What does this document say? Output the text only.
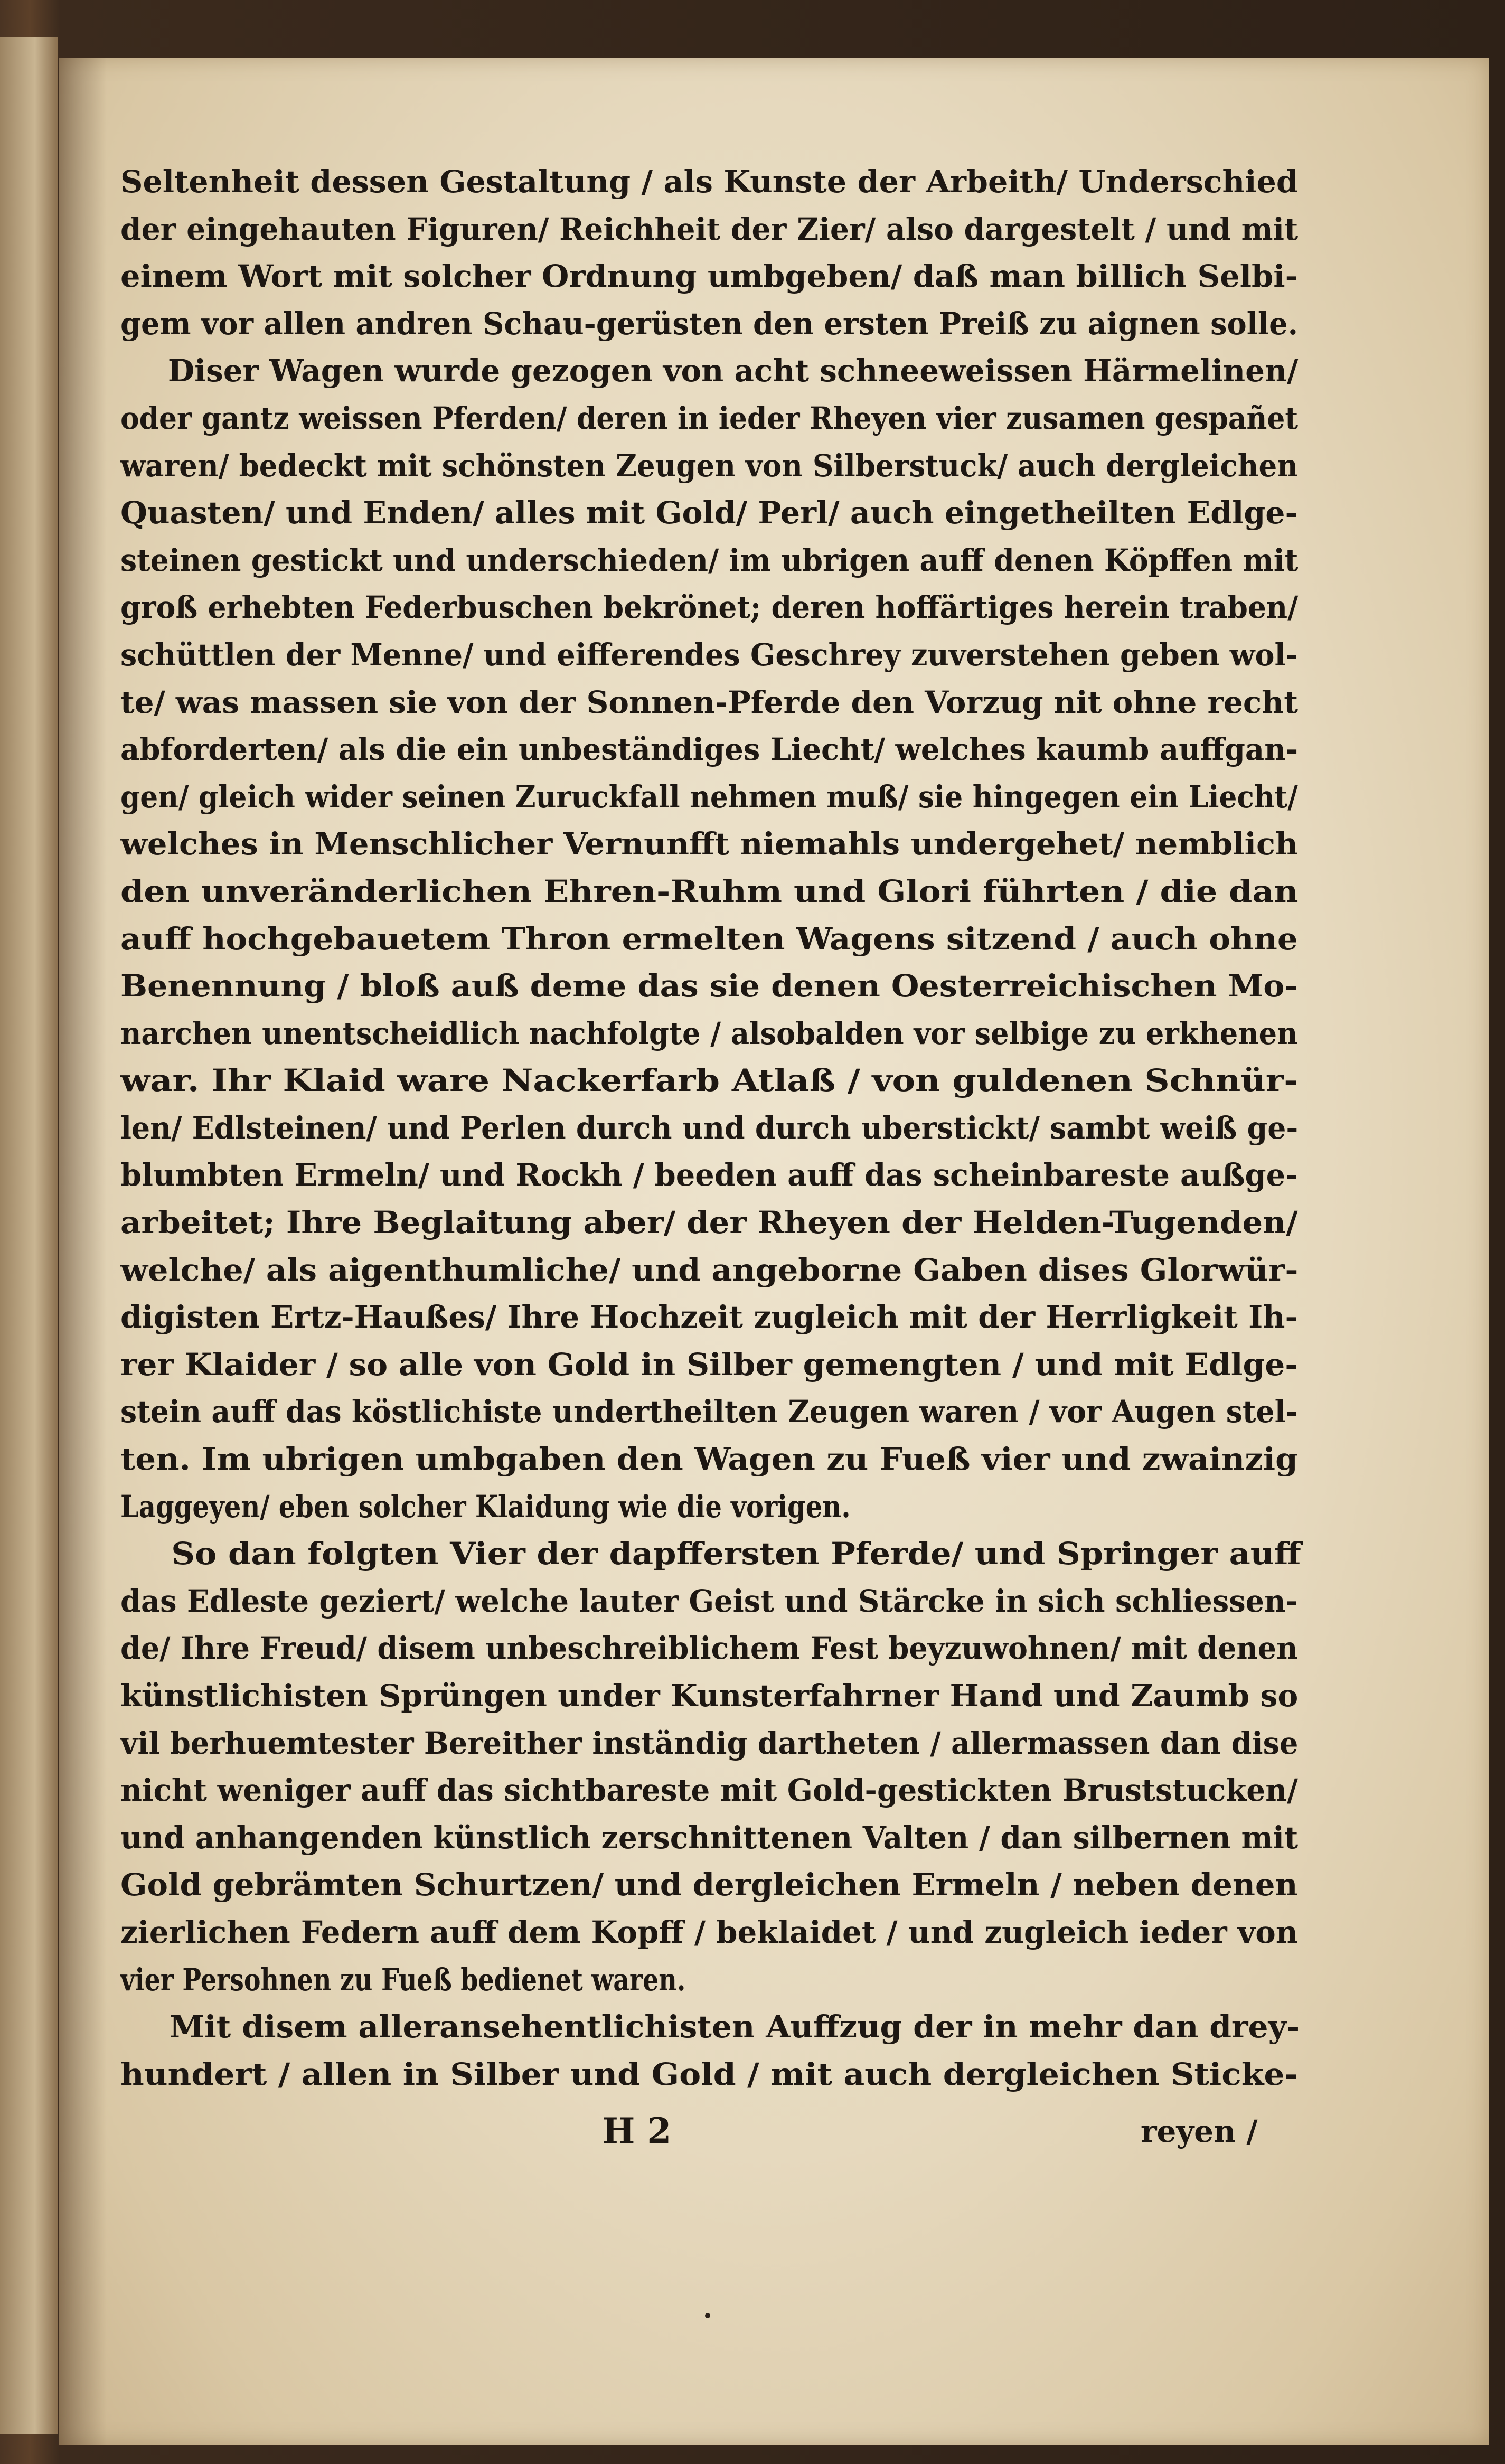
Seltenheit dessen Gestaltung / als Kunste der Arbeith/ Underschied
der eingehauten Figuren/ Reichheit der Zier/ also dargestelt / und mit
einem Wort mit solcher Ordnung umbgeben/ daß man billich Selbi-
gem vor allen andren Schau-gerüsten den ersten Preiß zu aignen solle.
Diser Wagen wurde gezogen von acht schneeweissen Härmelinen/
oder gantz weissen Pferden/ deren in ieder Rheyen vier zusamen gespañet
waren/ bedeckt mit schönsten Zeugen von Silberstuck/ auch dergleichen
Quasten/ und Enden/ alles mit Gold/ Perl/ auch eingetheilten Edlge-
steinen gestickt und underschieden/ im ubrigen auff denen Köpffen mit
groß erhebten Federbuschen bekrönet; deren hoffärtiges herein traben/
schüttlen der Menne/ und eifferendes Geschrey zuverstehen geben wol-
te/ was massen sie von der Sonnen-Pferde den Vorzug nit ohne recht
abforderten/ als die ein unbeständiges Liecht/ welches kaumb auffgan-
gen/ gleich wider seinen Zuruckfall nehmen muß/ sie hingegen ein Liecht/
welches in Menschlicher Vernunfft niemahls undergehet/ nemblich
den unveränderlichen Ehren-Ruhm und Glori führten / die dan
auff hochgebauetem Thron ermelten Wagens sitzend / auch ohne
Benennung / bloß auß deme das sie denen Oesterreichischen Mo-
narchen unentscheidlich nachfolgte / alsobalden vor selbige zu erkhenen
war. Ihr Klaid ware Nackerfarb Atlaß / von guldenen Schnür-
len/ Edlsteinen/ und Perlen durch und durch uberstickt/ sambt weiß ge-
blumbten Ermeln/ und Rockh / beeden auff das scheinbareste außge-
arbeitet; Ihre Beglaitung aber/ der Rheyen der Helden-Tugenden/
welche/ als aigenthumliche/ und angeborne Gaben dises Glorwür-
digisten Ertz-Haußes/ Ihre Hochzeit zugleich mit der Herrligkeit Ih-
rer Klaider / so alle von Gold in Silber gemengten / und mit Edlge-
stein auff das köstlichiste undertheilten Zeugen waren / vor Augen stel-
ten. Im ubrigen umbgaben den Wagen zu Fueß vier und zwainzig
Laggeyen/ eben solcher Klaidung wie die vorigen.
So dan folgten Vier der dapffersten Pferde/ und Springer auff
das Edleste geziert/ welche lauter Geist und Stärcke in sich schliessen-
de/ Ihre Freud/ disem unbeschreiblichem Fest beyzuwohnen/ mit denen
künstlichisten Sprüngen under Kunsterfahrner Hand und Zaumb so
vil berhuemtester Bereither inständig dartheten / allermassen dan dise
nicht weniger auff das sichtbareste mit Gold-gestickten Bruststucken/
und anhangenden künstlich zerschnittenen Valten / dan silbernen mit
Gold gebrämten Schurtzen/ und dergleichen Ermeln / neben denen
zierlichen Federn auff dem Kopff / beklaidet / und zugleich ieder von
vier Persohnen zu Fueß bedienet waren.
Mit disem alleransehentlichisten Auffzug der in mehr dan drey-
hundert / allen in Silber und Gold / mit auch dergleichen Sticke-
H 2	reyen /
